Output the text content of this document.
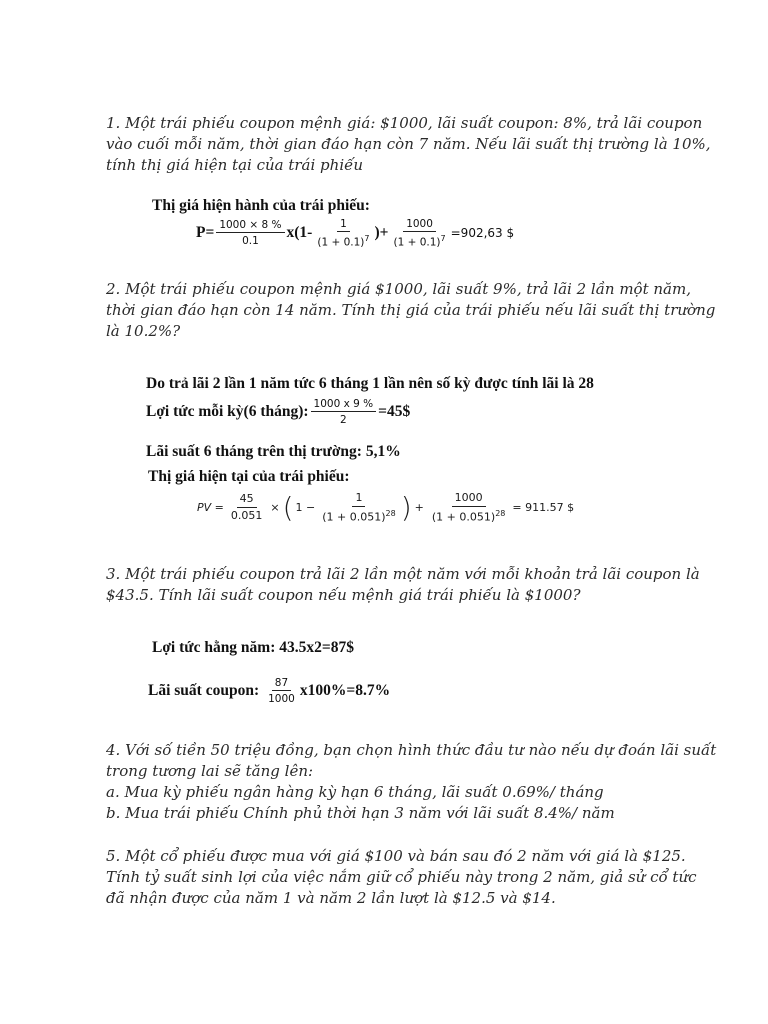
1. Một trái phiếu coupon mệnh giá: $1000, lãi suất coupon: 8%, trả lãi coupon
vào cuối mỗi năm, thời gian đáo hạn còn 7 năm. Nếu lãi suất thị trường là 10%,
tính thị giá hiện tại của trái phiếu
Thị giá hiện hành của trái phiếu:
$P= \frac{1000 \times 8 \%}{0.1} x(1- \frac{1}{(1 + 0.1)^7}$ )+ $\frac{1000}{(1 + 0.1)^7} =902,63$ $
2. Một trái phiếu coupon mệnh giá $1000, lãi suất 9%, trả lãi 2 lần một năm,
thời gian đáo hạn còn 14 năm. Tính thị giá của trái phiếu nếu lãi suất thị trường
là 10.2%?
Do trả lãi 2 lần 1 năm tức 6 tháng 1 lần nên số kỳ được tính lãi là 28
Lợi tức mỗi kỳ(6 tháng): $\frac{1000 x 9 \%}{2}$ =45$
Lãi suất 6 tháng trên thị trường: 5,1%
Thị giá hiện tại của trái phiếu:
PV = $\frac{45}{0.051}$ × ( $1 - \frac{1}{(1 + 0.051)^{28}}$ ) + $\frac{1000}{(1 + 0.051)^{28}} = 911.57$ $
3. Một trái phiếu coupon trả lãi 2 lần một năm với mỗi khoản trả lãi coupon là
$43.5. Tính lãi suất coupon nếu mệnh giá trái phiếu là $1000?
Lợi tức hằng năm: 43.5x2=87$
Lãi suất coupon: $\frac{87}{1000} x100\%=8.7\%$
4. Với số tiền 50 triệu đồng, bạn chọn hình thức đầu tư nào nếu dự đoán lãi suất
trong tương lai sẽ tăng lên:
a. Mua kỳ phiếu ngân hàng kỳ hạn 6 tháng, lãi suất 0.69%/ tháng
b. Mua trái phiếu Chính phủ thời hạn 3 năm với lãi suất 8.4%/ năm
5. Một cổ phiếu được mua với giá $100 và bán sau đó 2 năm với giá là $125.
Tính tỷ suất sinh lợi của việc nắm giữ cổ phiếu này trong 2 năm, giả sử cổ tức
đã nhận được của năm 1 và năm 2 lần lượt là $12.5 và $14.
